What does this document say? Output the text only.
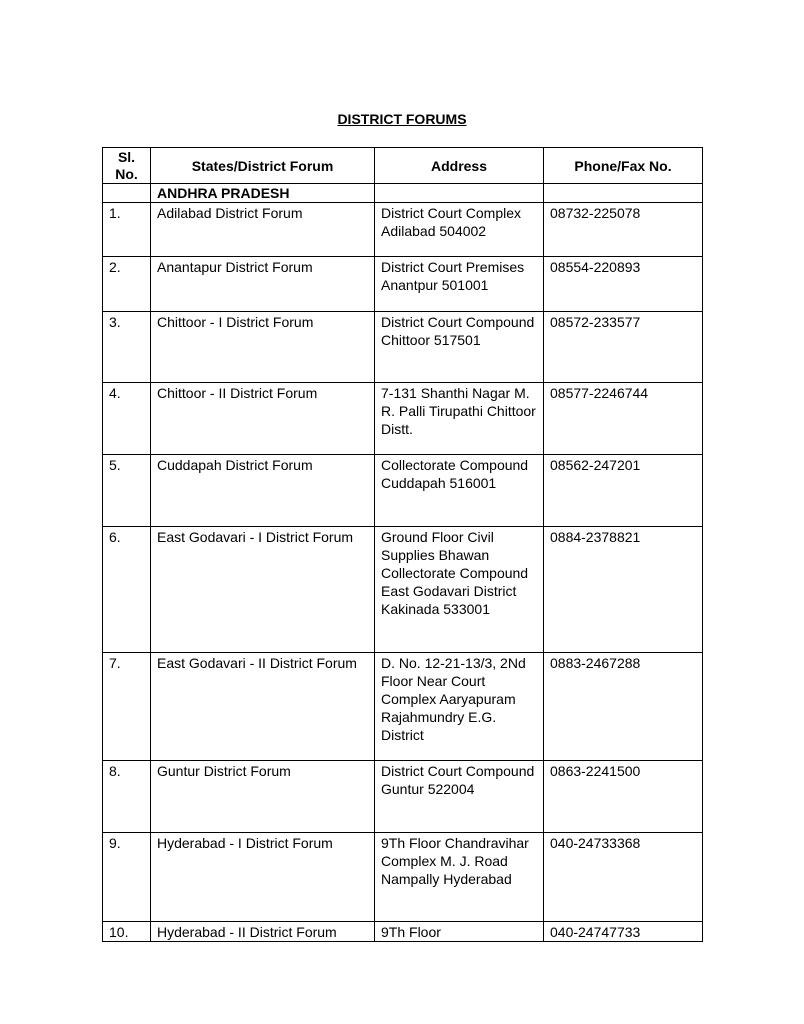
DISTRICT FORUMS
Sl. No.	States/District Forum	Address	Phone/Fax No.
	ANDHRA PRADESH		
1.	Adilabad District Forum	District Court Complex Adilabad 504002	08732-225078
2.	Anantapur District Forum	District Court Premises Anantpur 501001	08554-220893
3.	Chittoor - I District Forum	District Court Compound Chittoor 517501	08572-233577
4.	Chittoor - II District Forum	7-131 Shanthi Nagar M. R. Palli Tirupathi Chittoor Distt.	08577-2246744
5.	Cuddapah District Forum	Collectorate Compound Cuddapah 516001	08562-247201
6.	East Godavari - I District Forum	Ground Floor Civil Supplies Bhawan Collectorate Compound East Godavari District Kakinada 533001	0884-2378821
7.	East Godavari - II District Forum	D. No. 12-21-13/3, 2Nd Floor Near Court Complex Aaryapuram Rajahmundry E.G. District	0883-2467288
8.	Guntur District Forum	District Court Compound    Guntur 522004	0863-2241500
9.	Hyderabad - I District Forum	9Th Floor Chandravihar Complex M. J. Road Nampally Hyderabad	040-24733368
10.	Hyderabad - II District Forum	9Th Floor	040-24747733
